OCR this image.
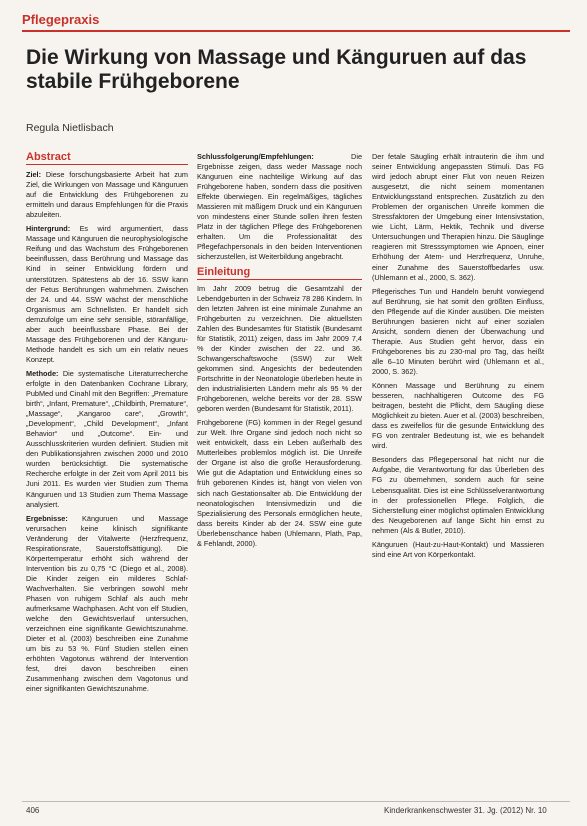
Pflegepraxis
Die Wirkung von Massage und Känguruen auf das stabile Frühgeborene
Regula Nietlisbach
Abstract

Ziel: Diese forschungsbasierte Arbeit hat zum Ziel, die Wirkungen von Massage und Känguruen auf die Entwicklung des Frühgeborenen zu ermitteln und daraus Empfehlungen für die Praxis abzuleiten.

Hintergrund: Es wird argumentiert, dass Massage und Känguruen die neurophysiologische Reifung und das Wachstum des Frühgeborenen beeinflussen, dass Berührung und Massage das Kind in seiner Entwicklung fördern und unterstützen. Spätestens ab der 16. SSW kann der Fetus Berührungen wahrnehmen. Zwischen der 24. und 44. SSW wächst der menschliche Organismus am Schnellsten. Er handelt sich demzufolge um eine sehr sensible, störanfällige, aber auch beeinflussbare Phase. Bei der Massage des Frühgeborenen und der Känguru-Methode handelt es sich um ein relativ neues Konzept.

Methode: Die systematische Literaturrecherche erfolgte in den Datenbanken Cochrane Library, PubMed und Cinahl mit den Begriffen: „Premature birth“, „Infant, Premature“, „Childbirth, Premature“, „Massage“, „Kangaroo care“, „Growth“, „Development“, „Child Development“, „Infant Behavior“ und „Outcome“. Ein- und Ausschlusskriterien wurden definiert. Studien mit den Publikationsjahren zwischen 2000 und 2010 wurden berücksichtigt. Die systematische Recherche erfolgte in der Zeit vom April 2011 bis Juni 2011. Es wurden vier Studien zum Thema Känguruen und 13 Studien zum Thema Massage analysiert.

Ergebnisse: Känguruen und Massage verursachen keine klinisch signifikante Veränderung der Vitalwerte (Herzfrequenz, Respirationsrate, Sauerstoffsättigung). Die Körpertemperatur erhöht sich während der Intervention bis zu 0,75 °C (Diego et al., 2008). Die Kinder zeigen ein milderes Schlaf-Wachverhalten. Sie verbringen sowohl mehr Phasen von ruhigem Schlaf als auch mehr aufmerksame Wachphasen. Acht von elf Studien, welche den Gewichtsverlauf untersuchen, verzeichnen eine signifikante Gewichtszunahme. Dieter et al. (2003) beschreiben eine Zunahme um bis zu 53 %. Fünf Studien stellen einen erhöhten Vagotonus während der Intervention fest, drei davon beschreiben einen Zusammenhang zwischen dem Vagotonus und einer signifikanten Gewichtszunahme.

Schlussfolgerung/Empfehlungen:	Die Ergebnisse zeigen, dass weder Massage noch Känguruen eine nachteilige Wirkung auf das Frühgeborene haben, sondern dass die positiven Effekte überwiegen. Ein regelmäßiges, tägliches Massieren mit mäßigem Druck und ein Känguruen von mindestens einer Stunde sollen ihren festen Platz in der täglichen Pflege des Frühgeborenen erhalten. Um die Professionalität des Pflegefachpersonals in den beiden Interventionen sicherzustellen, ist Weiterbildung angebracht.

Einleitung

Im Jahr 2009 betrug die Gesamtzahl der Lebendgeburten in der Schweiz 78 286 Kindern. In den letzten Jahren ist eine minimale Zunahme an Frühgeburten zu verzeichnen. Die aktuellsten Zahlen des Bundesamtes für Statistik (Bundesamt für Statistik, 2011) zeigen, dass im Jahr 2009 7,4 % der Kinder zwischen der 22. und 36. Schwangerschaftswoche (SSW) zur Welt gekommen sind. Angesichts der bedeutenden Fortschritte in der Neonatologie überleben heute in den industrialisierten Ländern mehr als 95 % der Frühgeborenen, welche bereits vor der 28. SSW geboren werden (Bundesamt für Statistik, 2011).

Frühgeborene (FG) kommen in der Regel gesund zur Welt. Ihre Organe sind jedoch noch nicht so weit entwickelt, dass ein Leben außerhalb des Mutterleibes problemlos möglich ist. Die Unreife der Organe ist also die große Herausforderung. Wie gut die Adaptation und Entwicklung eines so früh geborenen Kindes ist, hängt von vielen von sich nach Gestationsalter ab. Die Entwicklung der neonatologischen Intensivmedizin und die Spezialisierung des Personals ermöglichen heute, dass bereits Kinder ab der 24. SSW eine gute Überlebenschance haben (Uhlemann, Plath, Pap, & Fehlandt, 2000).

Der fetale Säugling erhält intrauterin die ihm und seiner Entwicklung angepassten Stimuli. Das FG wird jedoch abrupt einer Flut von neuen Reizen ausgesetzt, die nicht seinem momentanen Entwicklungsstand entsprechen. Zusätzlich zu den Problemen der organischen Unreife kommen die Stressfaktoren der Umgebung einer Intensivstation, wie Licht, Lärm, Hektik, Technik und diverse Untersuchungen und Therapien hinzu. Die Säuglinge reagieren mit Stresssymptomen wie Apnoen, einer Erhöhung der Atem- und Herzfrequenz, Unruhe, einer Zunahme des Sauerstoffbedarfes usw. (Uhlemann et al., 2000, S. 362).

Pflegerisches Tun und Handeln beruht vorwiegend auf Berührung, sie hat somit den größten Einfluss, den Pflegende auf die Kinder ausüben. Die meisten Berührungen basieren nicht auf einer sozialen Ansicht, sondern dienen der Überwachung und Therapie. Aus Studien geht hervor, dass ein Frühgeborenes bis zu 230-mal pro Tag, das heißt alle 6–10 Minuten berührt wird (Uhlemann et al., 2000, S. 362).

Können Massage und Berührung zu einem besseren, nachhaltigeren Outcome des FG beitragen, besteht die Pflicht, dem Säugling diese Möglichkeit zu bieten. Auer et al. (2003) beschreiben, dass es zweifellos für die gesunde Entwicklung des FG von zentraler Bedeutung ist, wie es behandelt wird.

Besonders das Pflegepersonal hat nicht nur die Aufgabe, die Verantwortung für das Überleben des FG zu übernehmen, sondern auch für seine Lebensqualität. Dies ist eine Schlüsselverantwortung in der professionellen Pflege. Folglich, die Sicherstellung einer möglichst optimalen Entwicklung des Neugeborenen auf lange Sicht hin ernst zu nehmen (Als & Butler, 2010).

Känguruen (Haut-zu-Haut-Kontakt) und Massieren sind eine Art von Körperkontakt.

406	Kinderkrankenschwester 31. Jg. (2012) Nr. 10
